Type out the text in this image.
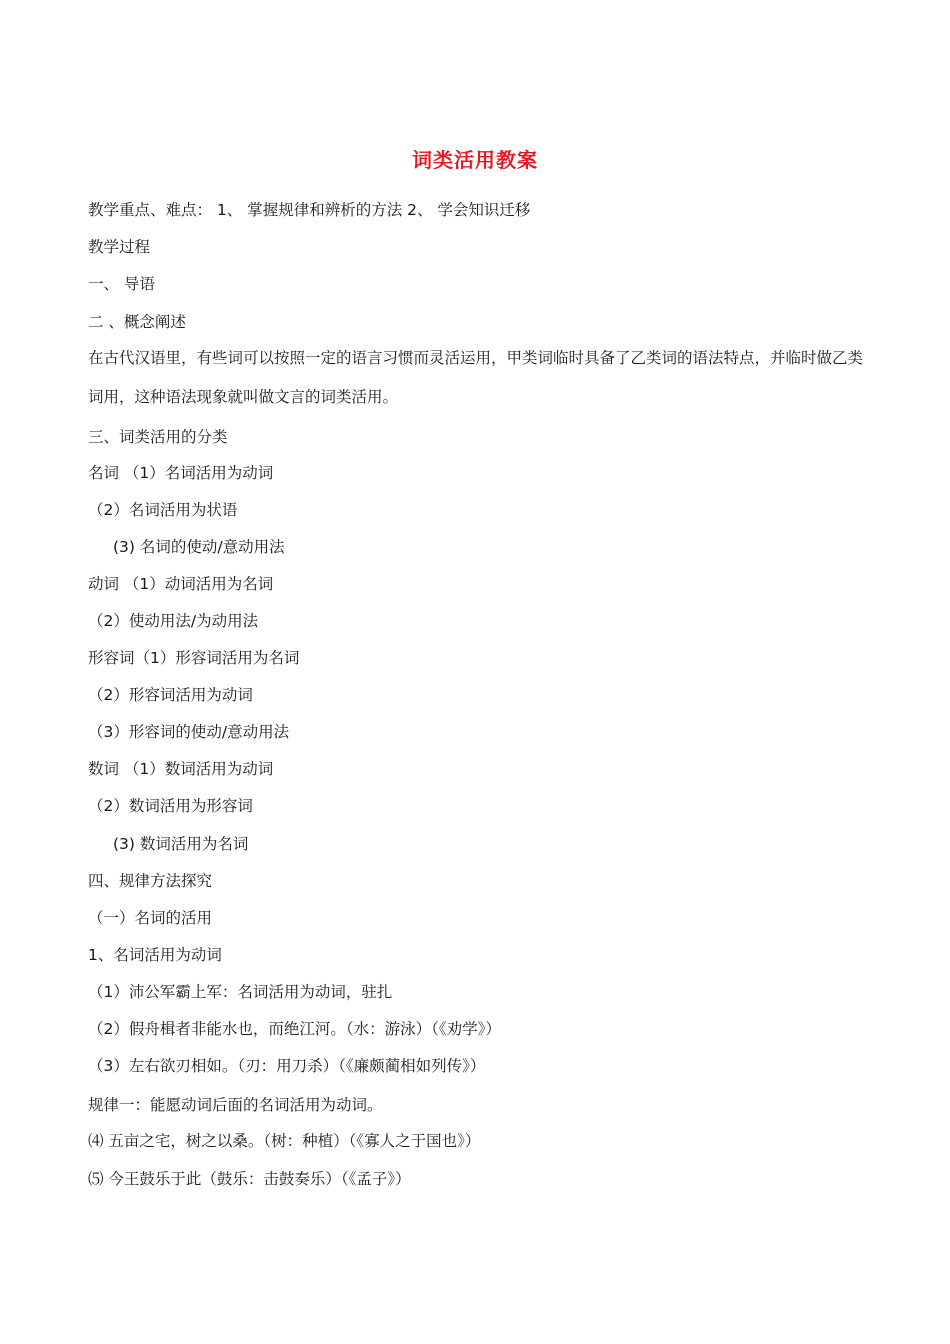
词类活用教案
教学重点、难点： 1、 掌握规律和辨析的方法 2、 学会知识迁移
教学过程
一、 导语
二 、概念阐述
在古代汉语里，有些词可以按照一定的语言习惯而灵活运用，甲类词临时具备了乙类词的语法特点，并临时做乙类词用，这种语法现象就叫做文言的词类活用。
三、词类活用的分类
名词 （1）名词活用为动词
（2）名词活用为状语
(3) 名词的使动/意动用法
动词 （1）动词活用为名词
（2）使动用法/为动用法
形容词（1）形容词活用为名词
（2）形容词活用为动词
（3）形容词的使动/意动用法
数词 （1）数词活用为动词
（2）数词活用为形容词
(3) 数词活用为名词
四、规律方法探究
（一）名词的活用
1、名词活用为动词
（1）沛公军霸上军：名词活用为动词，驻扎
（2）假舟楫者非能水也，而绝江河。（水：游泳）（《劝学》）
（3）左右欲刃相如。（刃：用刀杀）（《廉颇蔺相如列传》）
规律一：能愿动词后面的名词活用为动词。
⑷ 五亩之宅，树之以桑。（树：种植）（《寡人之于国也》）
⑸ 今王鼓乐于此（鼓乐：击鼓奏乐）（《孟子》）
